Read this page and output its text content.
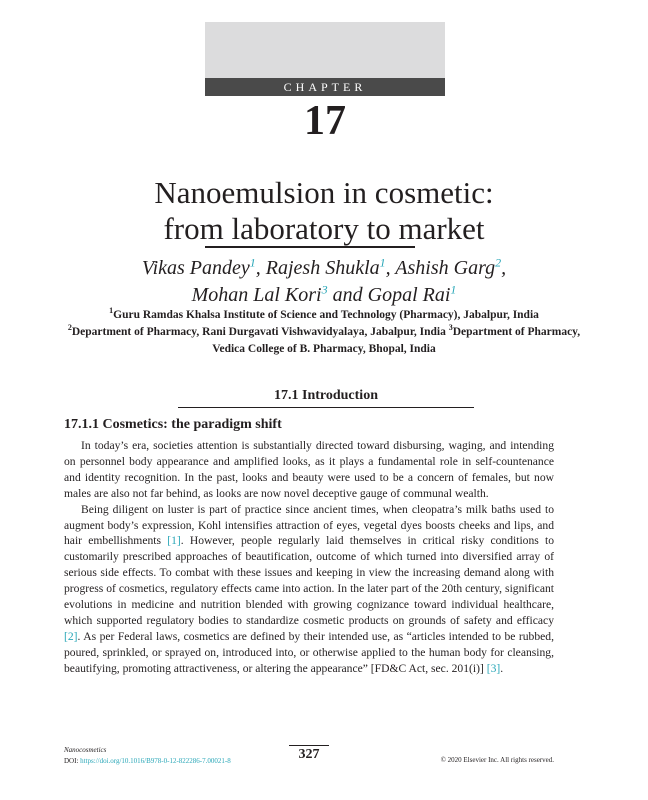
CHAPTER
17
Nanoemulsion in cosmetic:
from laboratory to market
Vikas Pandey$^1$, Rajesh Shukla$^1$, Ashish Garg$^2$,
Mohan Lal Kori$^3$ and Gopal Rai$^1$
$^1$Guru Ramdas Khalsa Institute of Science and Technology (Pharmacy), Jabalpur, India
$^2$Department of Pharmacy, Rani Durgavati Vishwavidyalaya, Jabalpur, India $^3$Department of Pharmacy, Vedica College of B. Pharmacy, Bhopal, India
17.1 Introduction
17.1.1 Cosmetics: the paradigm shift

In today’s era, societies attention is substantially directed toward disbursing, waging, and intending on personnel body appearance and amplified looks, as it plays a fundamental role in self-countenance and identity recognition. In the past, looks and beauty were used to be a concern of females, but now males are also not far behind, as looks are now novel deceptive gauge of communal wealth.

Being diligent on luster is part of practice since ancient times, when cleopatra’s milk baths used to augment body’s expression, Kohl intensifies attraction of eyes, vegetal dyes boosts cheeks and lips, and hair embellishments [1]. However, people regularly laid themselves in critical risky conditions to customarily prescribed approaches of beautification, outcome of which turned into diversified array of serious side effects. To combat with these issues and keeping in view the increasing demand along with progress of cosmetics, regulatory effects came into action. In the later part of the 20th century, significant evolutions in medicine and nutrition blended with growing cognizance toward individual healthcare, which supported regulatory bodies to standardize cosmetic products on grounds of safety and efficacy [2]. As per Federal laws, cosmetics are defined by their intended use, as “articles intended to be rubbed, poured, sprinkled, or sprayed on, introduced into, or otherwise applied to the human body for cleansing, beautifying, promoting attractiveness, or altering the appearance” [FD&C Act, sec. 201(i)] [3].

Nanocosmetics
DOI: https://doi.org/10.1016/B978-0-12-822286-7.00021-8	327	© 2020 Elsevier Inc. All rights reserved.
